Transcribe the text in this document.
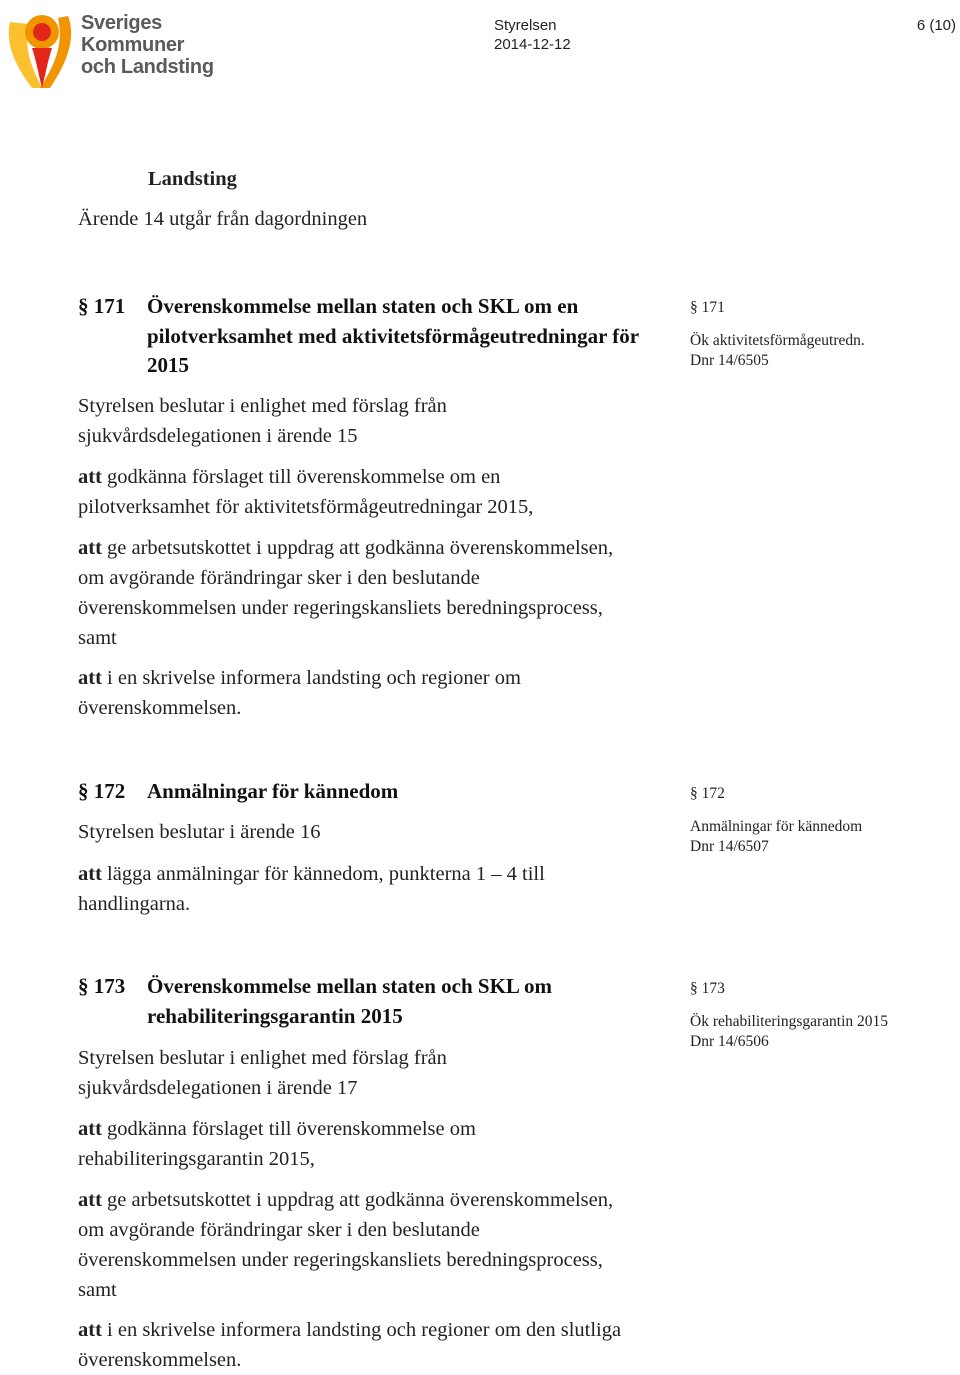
Sveriges
Kommuner
och Landsting
Styrelsen
2014-12-12
6 (10)
Landsting
Ärende 14 utgår från dagordningen
§ 171 Överenskommelse mellan staten och SKL om en pilotverksamhet med aktivitetsförmågeutredningar för 2015
Styrelsen beslutar i enlighet med förslag från sjukvårdsdelegationen i ärende 15
att godkänna förslaget till överenskommelse om en pilotverksamhet för aktivitetsförmågeutredningar 2015,
att ge arbetsutskottet i uppdrag att godkänna överenskommelsen, om avgörande förändringar sker i den beslutande överenskommelsen under regeringskansliets beredningsprocess, samt
att i en skrivelse informera landsting och regioner om överenskommelsen.
§ 171
Ök aktivitetsförmågeutredn.
Dnr 14/6505
§ 172 Anmälningar för kännedom
Styrelsen beslutar i ärende 16
att lägga anmälningar för kännedom, punkterna 1 – 4 till handlingarna.
§ 172
Anmälningar för kännedom
Dnr 14/6507
§ 173 Överenskommelse mellan staten och SKL om rehabiliteringsgarantin 2015
Styrelsen beslutar i enlighet med förslag från sjukvårdsdelegationen i ärende 17
att godkänna förslaget till överenskommelse om rehabiliteringsgarantin 2015,
att ge arbetsutskottet i uppdrag att godkänna överenskommelsen, om avgörande förändringar sker i den beslutande överenskommelsen under regeringskansliets beredningsprocess, samt
att i en skrivelse informera landsting och regioner om den slutliga överenskommelsen.
§ 173
Ök rehabiliteringsgarantin 2015
Dnr 14/6506
